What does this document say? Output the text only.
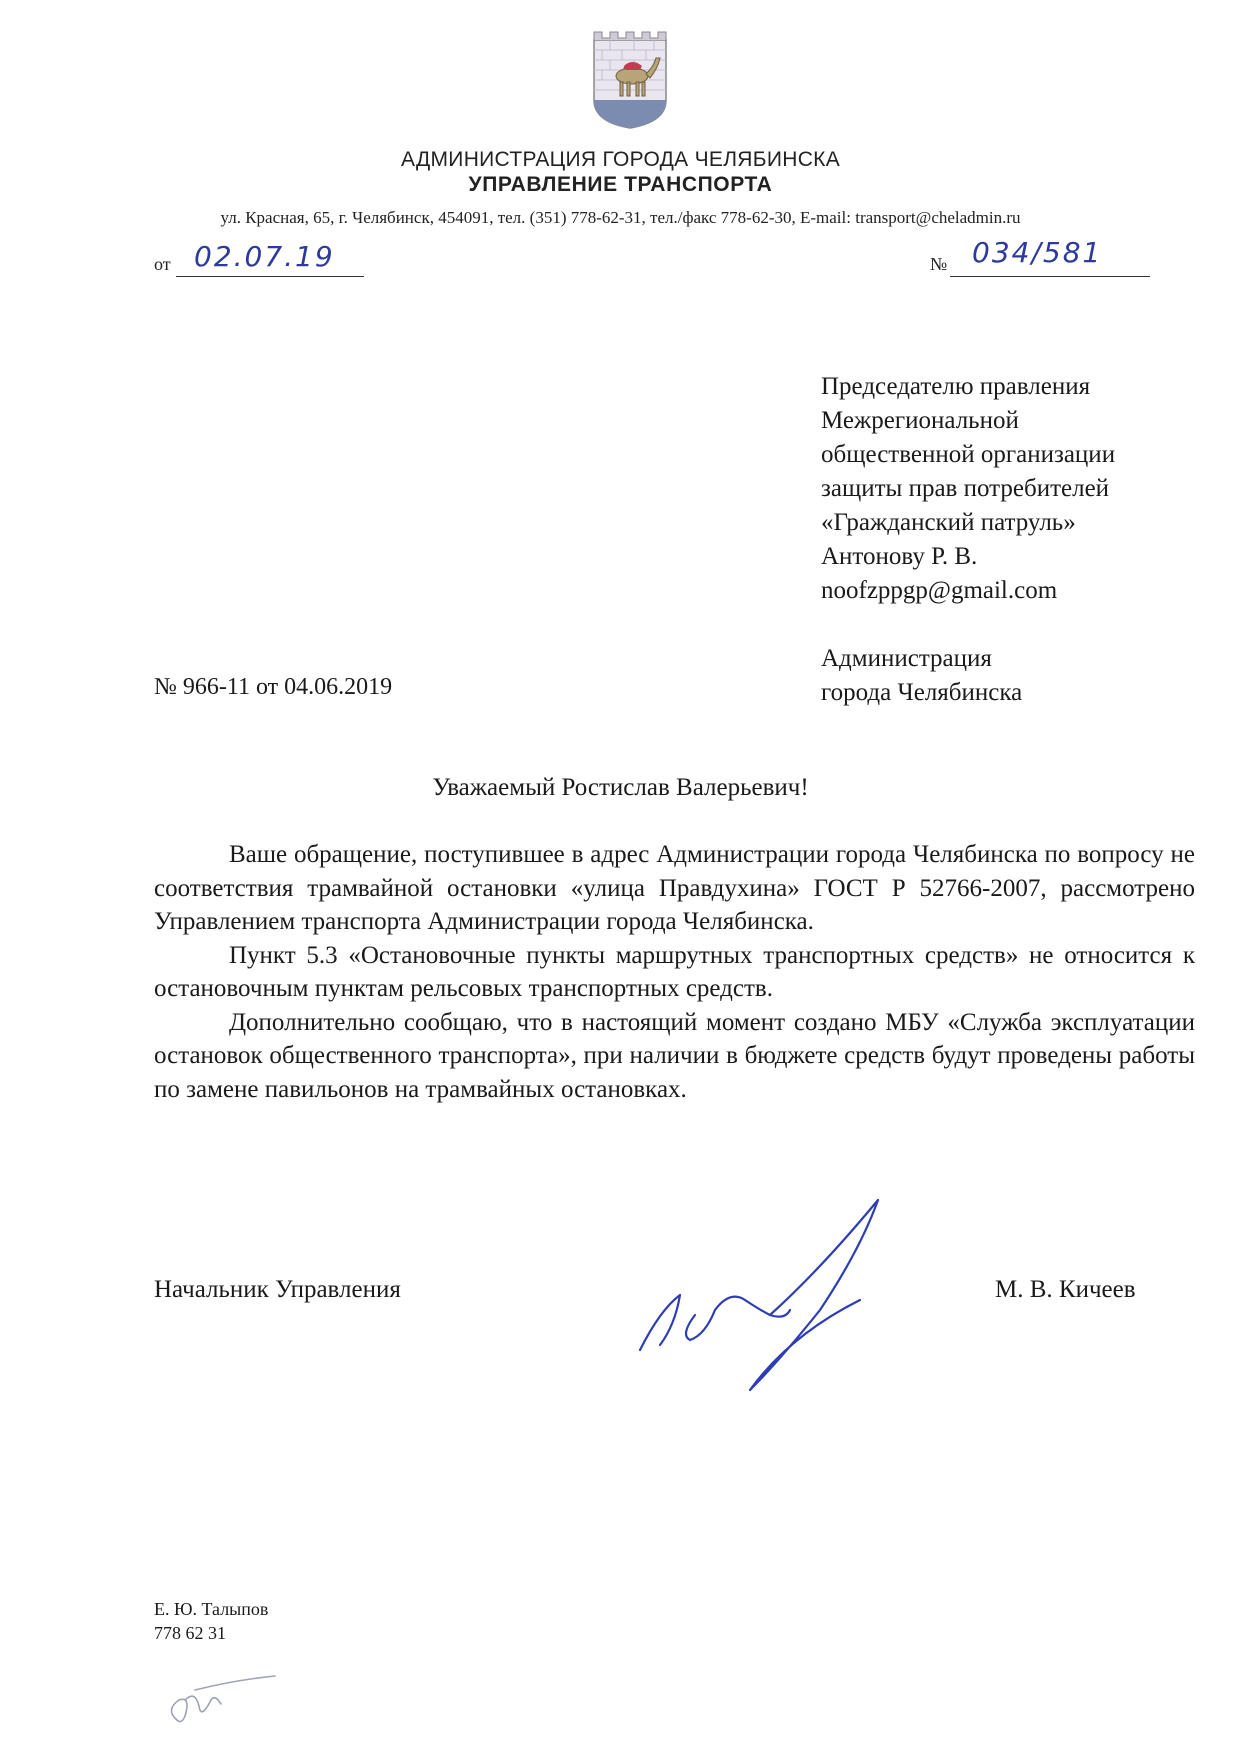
АДМИНИСТРАЦИЯ ГОРОДА ЧЕЛЯБИНСКА
УПРАВЛЕНИЕ ТРАНСПОРТА
ул. Красная, 65, г. Челябинск, 454091, тел. (351) 778-62-31, тел./факс 778-62-30, E-mail: transport@cheladmin.ru
от 02.07.19	№ 034/581
Председателю правления
Межрегиональной
общественной организации
защиты прав потребителей
«Гражданский патруль»
Антонову Р. В.
noofzppgp@gmail.com
Администрация
города Челябинска
№ 966-11 от 04.06.2019
Уважаемый Ростислав Валерьевич!

Ваше обращение, поступившее в адрес Администрации города Челябинска по вопросу не соответствия трамвайной остановки «улица Правдухина» ГОСТ Р 52766-2007, рассмотрено Управлением транспорта Администрации города Челябинска.

Пункт 5.3 «Остановочные пункты маршрутных транспортных средств» не относится к остановочным пунктам рельсовых транспортных средств.

Дополнительно сообщаю, что в настоящий момент создано МБУ «Служба эксплуатации остановок общественного транспорта», при наличии в бюджете средств будут проведены работы по замене павильонов на трамвайных остановках.

Начальник Управления	М. В. Кичеев
Е. Ю. Талыпов
778 62 31
